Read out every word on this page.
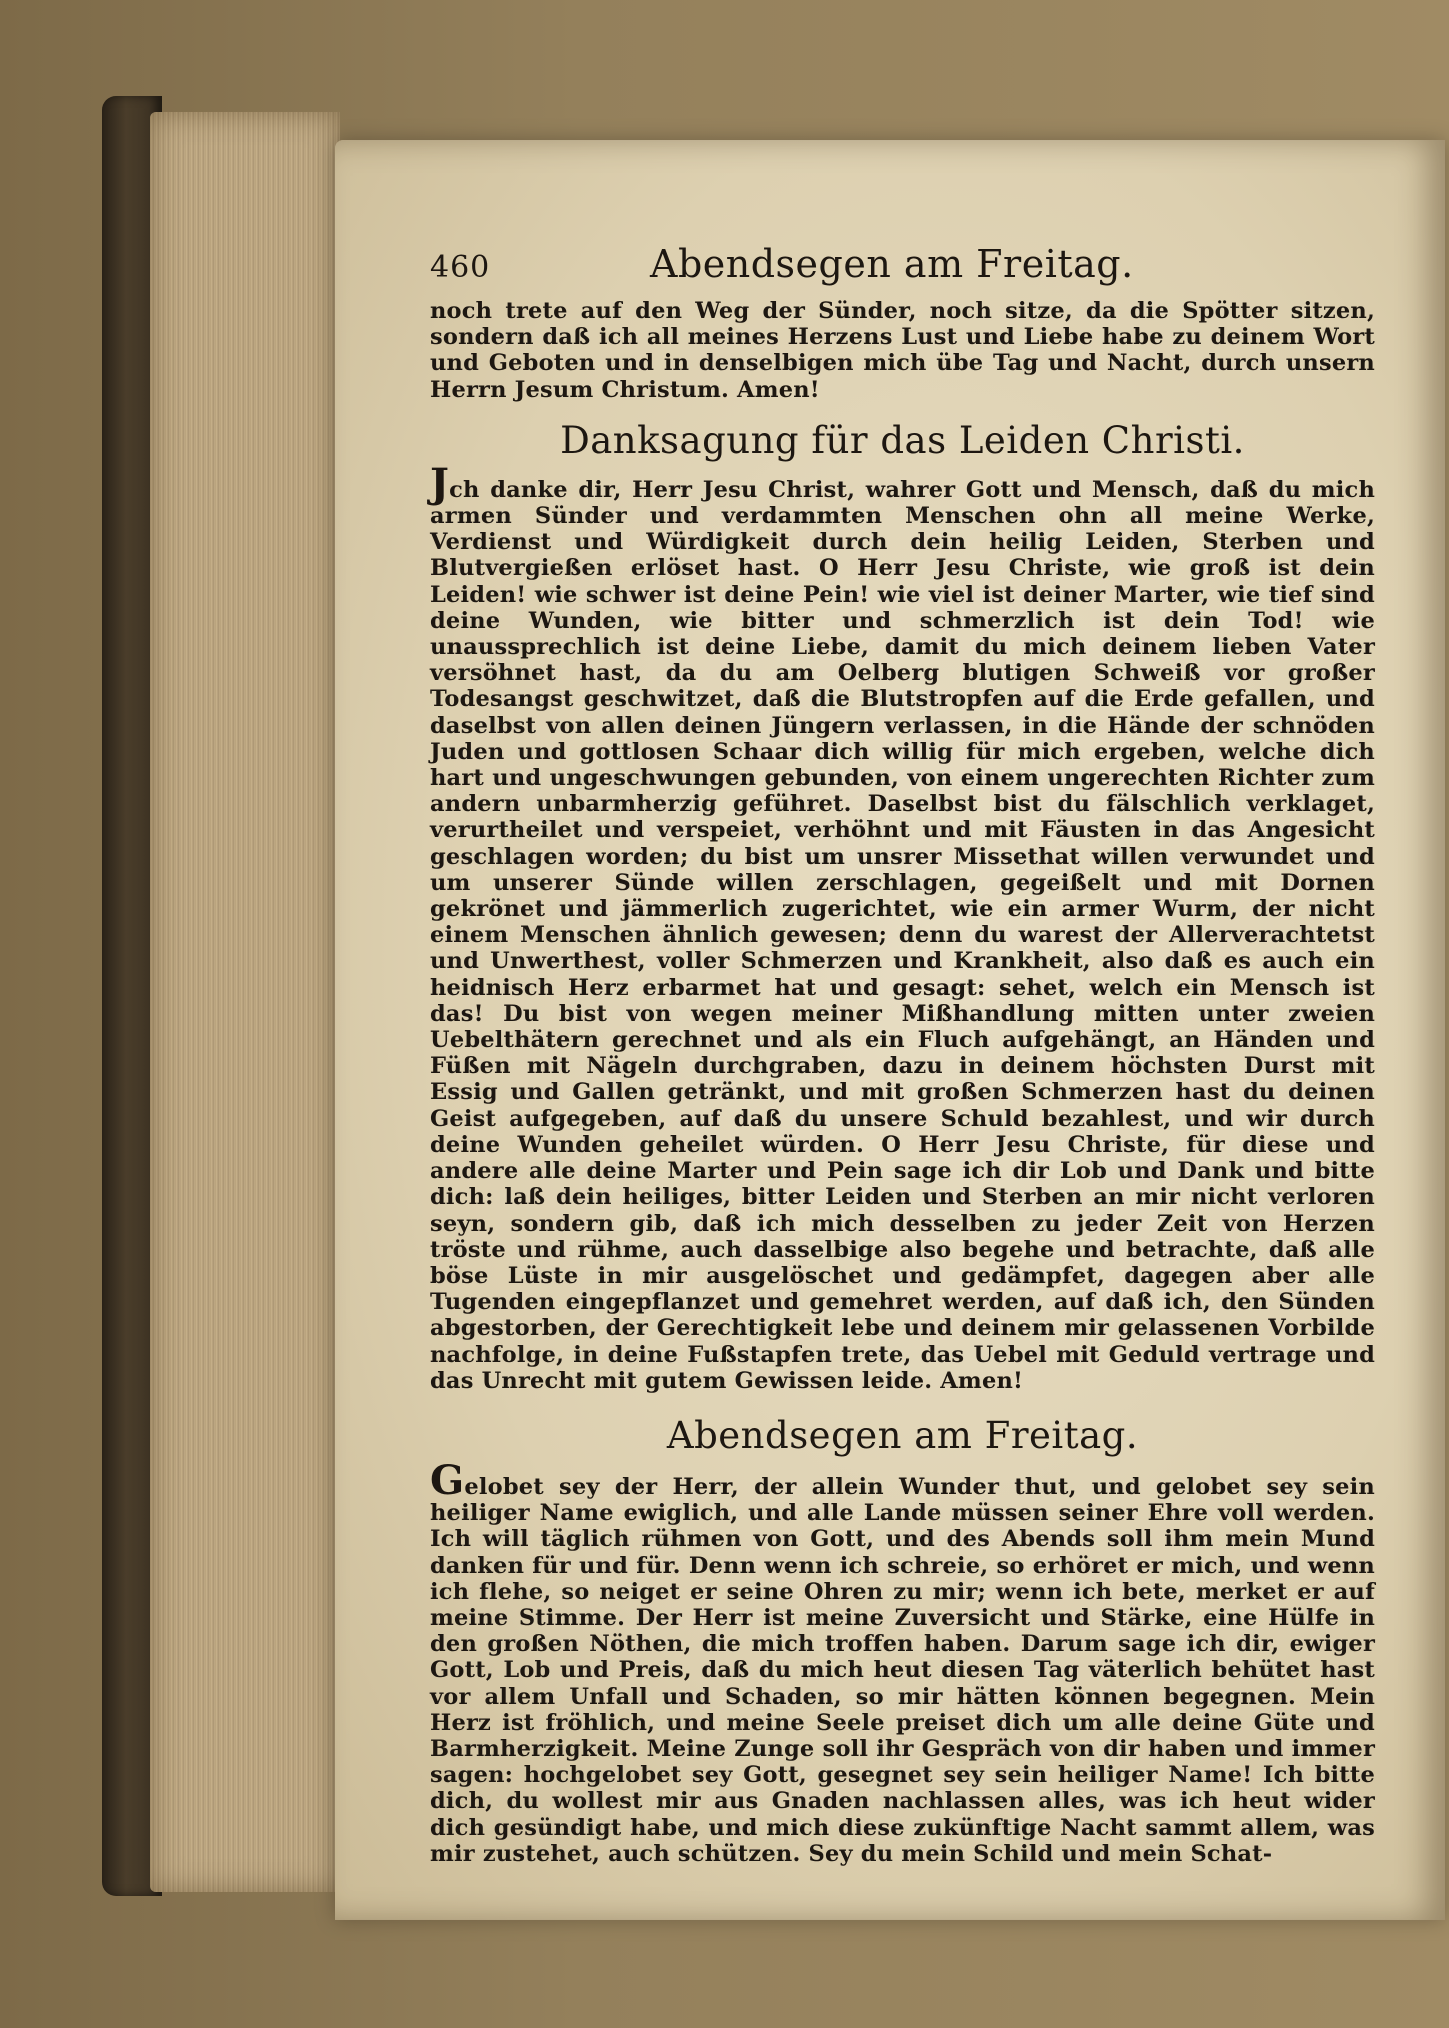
460	Abendsegen am Freitag.

noch trete auf den Weg der Sünder, noch sitze, da die Spötter sitzen, sondern daß ich all meines Herzens Lust und Liebe habe zu deinem Wort und Geboten und in denselbigen mich übe Tag und Nacht, durch unsern Herrn Jesum Christum. Amen!

Danksagung für das Leiden Christi.

Jch danke dir, Herr Jesu Christ, wahrer Gott und Mensch, daß du mich armen Sünder und verdammten Menschen ohn all meine Werke, Verdienst und Würdigkeit durch dein heilig Leiden, Sterben und Blutvergießen erlöset hast. O Herr Jesu Christe, wie groß ist dein Leiden! wie schwer ist deine Pein! wie viel ist deiner Marter, wie tief sind deine Wunden, wie bitter und schmerzlich ist dein Tod! wie unaussprechlich ist deine Liebe, damit du mich deinem lieben Vater versöhnet hast, da du am Oelberg blutigen Schweiß vor großer Todesangst geschwitzet, daß die Blutstropfen auf die Erde gefallen, und daselbst von allen deinen Jüngern verlassen, in die Hände der schnöden Juden und gottlosen Schaar dich willig für mich ergeben, welche dich hart und ungeschwungen gebunden, von einem ungerechten Richter zum andern unbarmherzig geführet. Daselbst bist du fälschlich verklaget, verurtheilet und verspeiet, verhöhnt und mit Fäusten in das Angesicht geschlagen worden; du bist um unsrer Missethat willen verwundet und um unserer Sünde willen zerschlagen, gegeißelt und mit Dornen gekrönet und jämmerlich zugerichtet, wie ein armer Wurm, der nicht einem Menschen ähnlich gewesen; denn du warest der Allerverachtetst und Unwerthest, voller Schmerzen und Krankheit, also daß es auch ein heidnisch Herz erbarmet hat und gesagt: sehet, welch ein Mensch ist das! Du bist von wegen meiner Mißhandlung mitten unter zweien Uebelthätern gerechnet und als ein Fluch aufgehängt, an Händen und Füßen mit Nägeln durchgraben, dazu in deinem höchsten Durst mit Essig und Gallen getränkt, und mit großen Schmerzen hast du deinen Geist aufgegeben, auf daß du unsere Schuld bezahlest, und wir durch deine Wunden geheilet würden. O Herr Jesu Christe, für diese und andere alle deine Marter und Pein sage ich dir Lob und Dank und bitte dich: laß dein heiliges, bitter Leiden und Sterben an mir nicht verloren seyn, sondern gib, daß ich mich desselben zu jeder Zeit von Herzen tröste und rühme, auch dasselbige also begehe und betrachte, daß alle böse Lüste in mir ausgelöschet und gedämpfet, dagegen aber alle Tugenden eingepflanzet und gemehret werden, auf daß ich, den Sünden abgestorben, der Gerechtigkeit lebe und deinem mir gelassenen Vorbilde nachfolge, in deine Fußstapfen trete, das Uebel mit Geduld vertrage und das Unrecht mit gutem Gewissen leide. Amen!

Abendsegen am Freitag.

Gelobet sey der Herr, der allein Wunder thut, und gelobet sey sein heiliger Name ewiglich, und alle Lande müssen seiner Ehre voll werden. Ich will täglich rühmen von Gott, und des Abends soll ihm mein Mund danken für und für. Denn wenn ich schreie, so erhöret er mich, und wenn ich flehe, so neiget er seine Ohren zu mir; wenn ich bete, merket er auf meine Stimme. Der Herr ist meine Zuversicht und Stärke, eine Hülfe in den großen Nöthen, die mich troffen haben. Darum sage ich dir, ewiger Gott, Lob und Preis, daß du mich heut diesen Tag väterlich behütet hast vor allem Unfall und Schaden, so mir hätten können begegnen. Mein Herz ist fröhlich, und meine Seele preiset dich um alle deine Güte und Barmherzigkeit. Meine Zunge soll ihr Gespräch von dir haben und immer sagen: hochgelobet sey Gott, gesegnet sey sein heiliger Name! Ich bitte dich, du wollest mir aus Gnaden nachlassen alles, was ich heut wider dich gesündigt habe, und mich diese zukünftige Nacht sammt allem, was mir zustehet, auch schützen. Sey du mein Schild und mein Schat-
